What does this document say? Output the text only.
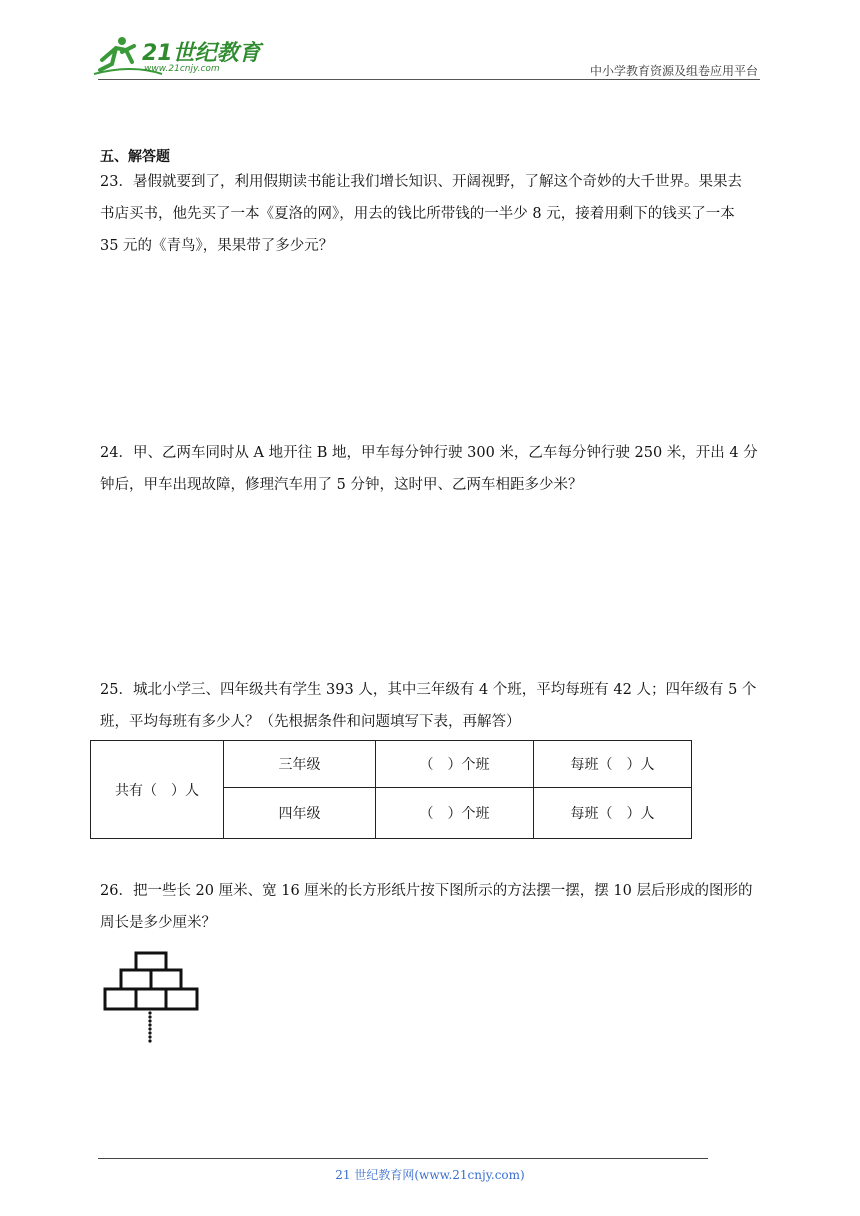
21世纪教育
www.21cnjy.com	中小学教育资源及组卷应用平台
五、解答题
23．暑假就要到了，利用假期读书能让我们增长知识、开阔视野，了解这个奇妙的大千世界。果果去
书店买书，他先买了一本《夏洛的网》，用去的钱比所带钱的一半少 8 元，接着用剩下的钱买了一本
35 元的《青鸟》，果果带了多少元？
24．甲、乙两车同时从 A 地开往 B 地，甲车每分钟行驶 300 米，乙车每分钟行驶 250 米，开出 4 分
钟后，甲车出现故障，修理汽车用了 5 分钟，这时甲、乙两车相距多少米？
25．城北小学三、四年级共有学生 393 人，其中三年级有 4 个班，平均每班有 42 人；四年级有 5 个
班，平均每班有多少人？（先根据条件和问题填写下表，再解答）
共有（　）人	三年级	（　）个班	每班（　）人
	四年级	（　）个班	每班（　）人
26．把一些长 20 厘米、宽 16 厘米的长方形纸片按下图所示的方法摆一摆，摆 10 层后形成的图形的
周长是多少厘米？
21 世纪教育网(www.21cnjy.com)
